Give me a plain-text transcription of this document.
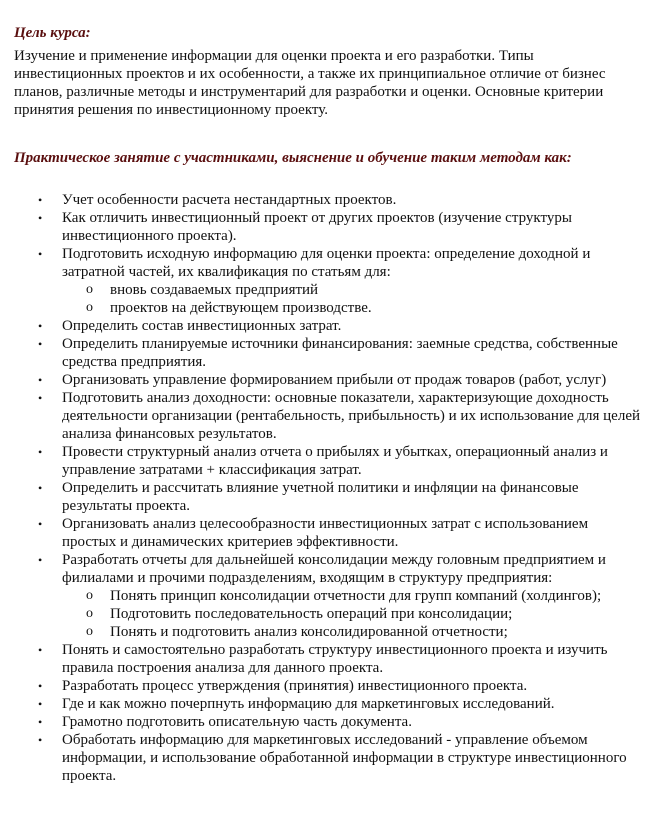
Цель курса:

Изучение и применение информации для оценки проекта и его разработки. Типы инвестиционных проектов и их особенности, а также их принципиальное отличие от бизнес планов, различные методы и инструментарий для разработки и оценки. Основные критерии принятия решения по инвестиционному проекту.

Практическое занятие с участниками, выяснение и обучение таким методам как:

• Учет особенности расчета нестандартных проектов.
• Как отличить инвестиционный проект от других проектов (изучение структуры инвестиционного проекта).
• Подготовить исходную информацию для оценки проекта: определение доходной и затратной частей, их квалификация по статьям для:
o вновь создаваемых предприятий
o проектов на действующем производстве.
• Определить состав инвестиционных затрат.
• Определить планируемые источники финансирования: заемные средства, собственные средства предприятия.
• Организовать управление формированием прибыли от продаж товаров (работ, услуг)
• Подготовить анализ доходности: основные показатели, характеризующие доходность деятельности организации (рентабельность, прибыльность) и их использование для целей анализа финансовых результатов.
• Провести структурный анализ отчета о прибылях и убытках, операционный анализ и управление затратами + классификация затрат.
• Определить и рассчитать влияние учетной политики и инфляции на финансовые результаты проекта.
• Организовать анализ целесообразности инвестиционных затрат с использованием простых и динамических критериев эффективности.
• Разработать отчеты для дальнейшей консолидации между головным предприятием и филиалами и прочими подразделениям, входящим в структуру предприятия:
o Понять принцип консолидации отчетности для групп компаний (холдингов);
o Подготовить последовательность операций при консолидации;
o Понять и подготовить анализ консолидированной отчетности;
• Понять и самостоятельно разработать структуру инвестиционного проекта и изучить правила построения анализа для данного проекта.
• Разработать процесс утверждения (принятия) инвестиционного проекта.
• Где и как можно почерпнуть информацию для маркетинговых исследований.
• Грамотно подготовить описательную часть документа.
• Обработать информацию для маркетинговых исследований - управление объемом информации, и использование обработанной информации в структуре инвестиционного проекта.
